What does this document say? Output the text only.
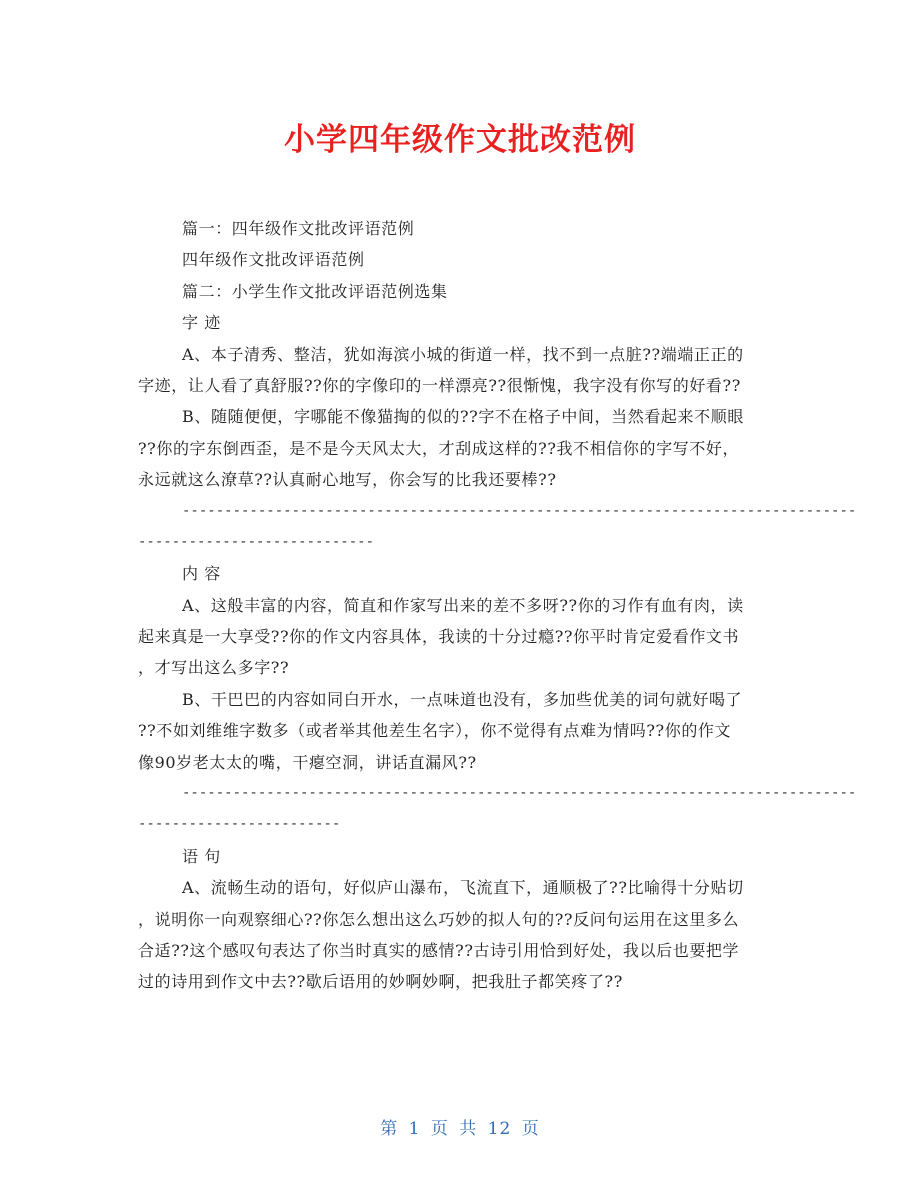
小学四年级作文批改范例
篇一：四年级作文批改评语范例
四年级作文批改评语范例
篇二：小学生作文批改评语范例选集
字 迹
A、本子清秀、整洁，犹如海滨小城的街道一样，找不到一点脏??端端正正的
字迹，让人看了真舒服??你的字像印的一样漂亮??很惭愧，我字没有你写的好看??
B、随随便便，字哪能不像猫掏的似的??字不在格子中间，当然看起来不顺眼
??你的字东倒西歪，是不是今天风太大，才刮成这样的??我不相信你的字写不好，
永远就这么潦草??认真耐心地写，你会写的比我还要棒??
--------------------------------------------------------------------------------
----------------------------
内 容
A、这般丰富的内容，简直和作家写出来的差不多呀??你的习作有血有肉，读
起来真是一大享受??你的作文内容具体，我读的十分过瘾??你平时肯定爱看作文书
，才写出这么多字??
B、干巴巴的内容如同白开水，一点味道也没有，多加些优美的词句就好喝了
??不如刘维维字数多（或者举其他差生名字），你不觉得有点难为情吗??你的作文
像90岁老太太的嘴，干瘪空洞，讲话直漏风??
--------------------------------------------------------------------------------
------------------------
语 句
A、流畅生动的语句，好似庐山瀑布，飞流直下，通顺极了??比喻得十分贴切
，说明你一向观察细心??你怎么想出这么巧妙的拟人句的??反问句运用在这里多么
合适??这个感叹句表达了你当时真实的感情??古诗引用恰到好处，我以后也要把学
过的诗用到作文中去??歇后语用的妙啊妙啊，把我肚子都笑疼了??
第 1 页 共 12 页
